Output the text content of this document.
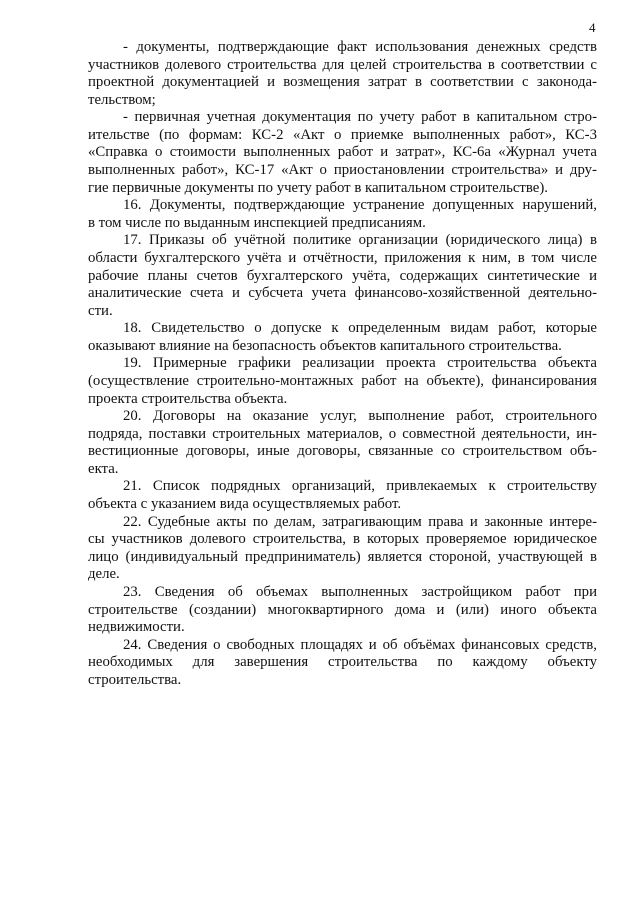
4
- документы, подтверждающие факт использования денежных средств
участников долевого строительства для целей строительства в соответствии с
проектной документацией и возмещения затрат в соответствии с законода-
тельством;
- первичная учетная документация по учету работ в капитальном стро-
ительстве (по формам: КС-2 «Акт о приемке выполненных работ», КС-3
«Справка о стоимости выполненных работ и затрат», КС-6а «Журнал учета
выполненных работ», КС-17 «Акт о приостановлении строительства» и дру-
гие первичные документы по учету работ в капитальном строительстве).
16. Документы, подтверждающие устранение допущенных нарушений,
в том числе по выданным инспекцией предписаниям.
17. Приказы об учётной политике организации (юридического лица) в
области бухгалтерского учёта и отчётности, приложения к ним, в том числе
рабочие планы счетов бухгалтерского учёта, содержащих синтетические и
аналитические счета и субсчета учета финансово-хозяйственной деятельно-
сти.
18. Свидетельство о допуске к определенным видам работ, которые
оказывают влияние на безопасность объектов капитального строительства.
19. Примерные графики реализации проекта строительства объекта
(осуществление строительно-монтажных работ на объекте), финансирования
проекта строительства объекта.
20. Договоры на оказание услуг, выполнение работ, строительного
подряда, поставки строительных материалов, о совместной деятельности, ин-
вестиционные договоры, иные договоры, связанные со строительством объ-
екта.
21. Список подрядных организаций, привлекаемых к строительству
объекта с указанием вида осуществляемых работ.
22. Судебные акты по делам, затрагивающим права и законные интере-
сы участников долевого строительства, в которых проверяемое юридическое
лицо (индивидуальный предприниматель) является стороной, участвующей в
деле.
23. Сведения об объемах выполненных застройщиком работ при
строительстве (создании) многоквартирного дома и (или) иного объекта
недвижимости.
24. Сведения о свободных площадях и об объёмах финансовых средств,
необходимых для завершения строительства по каждому объекту
строительства.
